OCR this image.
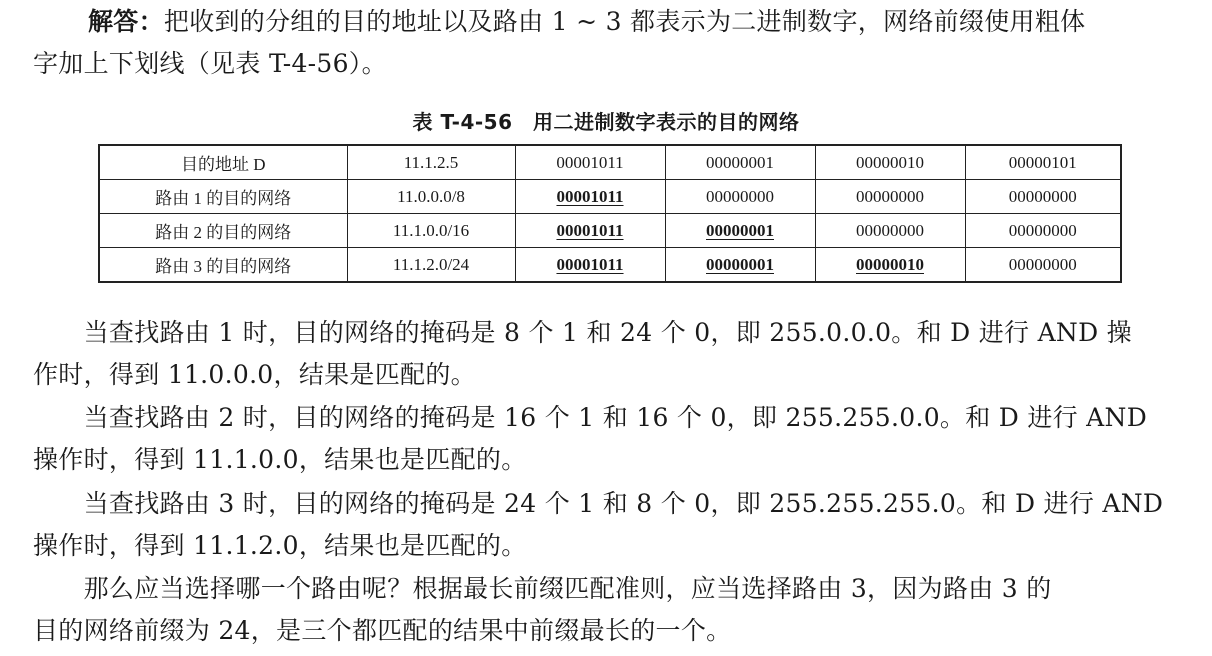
解答：把收到的分组的目的地址以及路由 1 ~ 3 都表示为二进制数字，网络前缀使用粗体
字加上下划线（见表 T-4-56）。
表 T-4-56　用二进制数字表示的目的网络
目的地址 D	11.1.2.5	00001011	00000001	00000010	00000101
路由 1 的目的网络	11.0.0.0/8	00001011	00000000	00000000	00000000
路由 2 的目的网络	11.1.0.0/16	00001011	00000001	00000000	00000000
路由 3 的目的网络	11.1.2.0/24	00001011	00000001	00000010	00000000
　　当查找路由 1 时，目的网络的掩码是 8 个 1 和 24 个 0，即 255.0.0.0。和 D 进行 AND 操
作时，得到 11.0.0.0，结果是匹配的。
　　当查找路由 2 时，目的网络的掩码是 16 个 1 和 16 个 0，即 255.255.0.0。和 D 进行 AND
操作时，得到 11.1.0.0，结果也是匹配的。
　　当查找路由 3 时，目的网络的掩码是 24 个 1 和 8 个 0，即 255.255.255.0。和 D 进行 AND
操作时，得到 11.1.2.0，结果也是匹配的。
　　那么应当选择哪一个路由呢？根据最长前缀匹配准则，应当选择路由 3，因为路由 3 的
目的网络前缀为 24，是三个都匹配的结果中前缀最长的一个。
